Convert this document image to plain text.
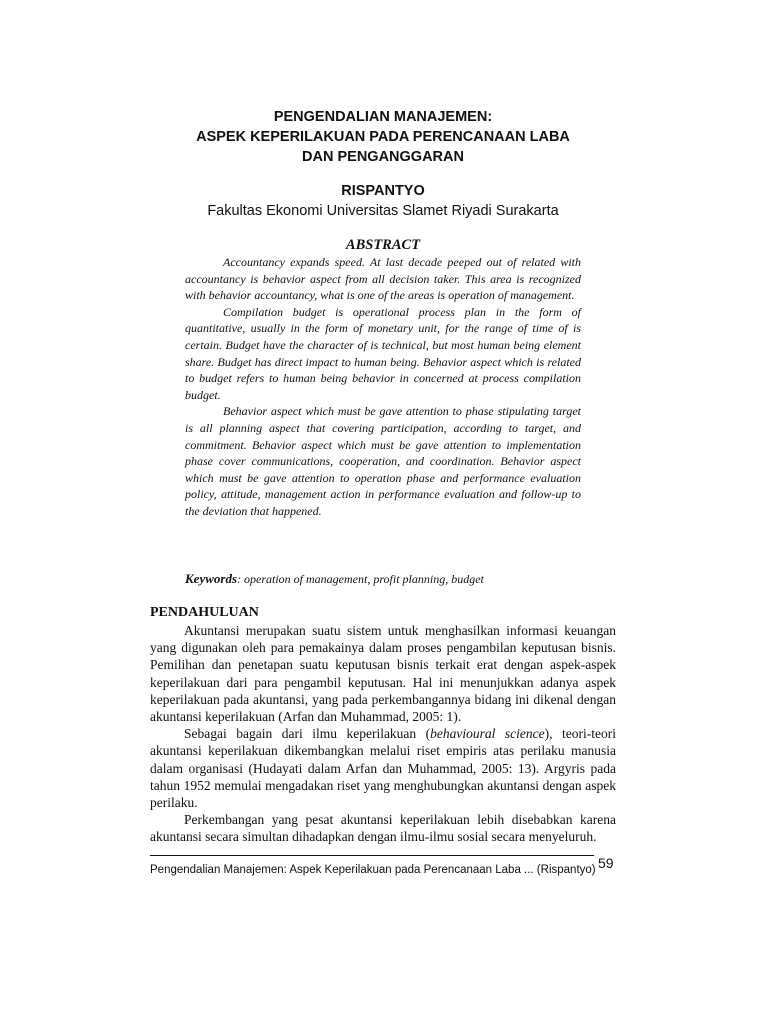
PENGENDALIAN MANAJEMEN:
ASPEK KEPERILAKUAN PADA PERENCANAAN LABA
DAN PENGANGGARAN

RISPANTYO

Fakultas Ekonomi Universitas Slamet Riyadi Surakarta

ABSTRACT

Accountancy expands speed. At last decade peeped out of related with accountancy is behavior aspect from all decision taker. This area is recognized with behavior accountancy, what is one of the areas is operation of management.

Compilation budget is operational process plan in the form of quantitative, usually in the form of monetary unit, for the range of time of is certain. Budget have the character of is technical, but most human being element share. Budget has direct impact to human being. Behavior aspect which is related to budget refers to human being behavior in concerned at process compilation budget.

Behavior aspect which must be gave attention to phase stipulating target is all planning aspect that covering participation, according to target, and commitment. Behavior aspect which must be gave attention to implementation phase cover communications, cooperation, and coordination. Behavior aspect which must be gave attention to operation phase and performance evaluation policy, attitude, management action in performance evaluation and follow-up to the deviation that happened.

Keywords: operation of management, profit planning, budget

PENDAHULUAN

Akuntansi merupakan suatu sistem untuk menghasilkan informasi keuangan yang digunakan oleh para pemakainya dalam proses pengambilan keputusan bisnis. Pemilihan dan penetapan suatu keputusan bisnis terkait erat dengan aspek-aspek keperilakuan dari para pengambil keputusan. Hal ini menunjukkan adanya aspek keperilakuan pada akuntansi, yang pada perkembangannya bidang ini dikenal dengan akuntansi keperilakuan (Arfan dan Muhammad, 2005: 1).

Sebagai bagain dari ilmu keperilakuan (behavioural science), teori-teori akuntansi keperilakuan dikembangkan melalui riset empiris atas perilaku manusia dalam organisasi (Hudayati dalam Arfan dan Muhammad, 2005: 13). Argyris pada tahun 1952 memulai mengadakan riset yang menghubungkan akuntansi dengan aspek perilaku.

Perkembangan yang pesat akuntansi keperilakuan lebih disebabkan karena akuntansi secara simultan dihadapkan dengan ilmu-ilmu sosial secara menyeluruh.

Pengendalian Manajemen: Aspek Keperilakuan pada Perencanaan Laba ... (Rispantyo) 59
